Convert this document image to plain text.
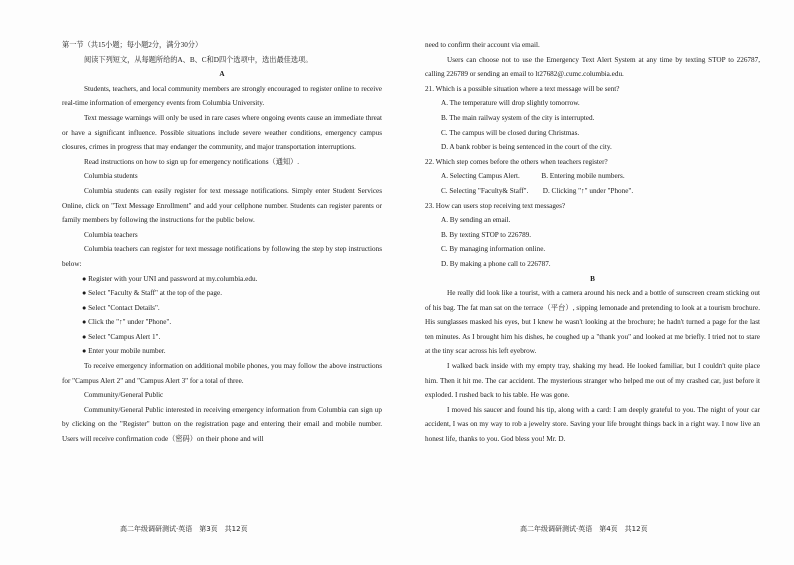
第一节（共15小题；每小题2分，满分30分）

阅读下列短文，从每题所给的A、B、C和D四个选项中，选出最佳选项。

A

Students, teachers, and local community members are strongly encouraged to register online to receive real-time information of emergency events from Columbia University.

Text message warnings will only be used in rare cases where ongoing events cause an immediate threat or have a significant influence. Possible situations include severe weather conditions, emergency campus closures, crimes in progress that may endanger the community, and major transportation interruptions.

Read instructions on how to sign up for emergency notifications（通知）.

Columbia students

Columbia students can easily register for text message notifications. Simply enter Student Services Online, click on "Text Message Enrollment" and add your cellphone number. Students can register parents or family members by following the instructions for the public below.

Columbia teachers

Columbia teachers can register for text message notifications by following the step by step instructions below:

● Register with your UNI and password at my.columbia.edu.

● Select "Faculty & Staff" at the top of the page.

● Select "Contact Details".

● Click the "↑" under "Phone".

● Select "Campus Alert 1".

● Enter your mobile number.

To receive emergency information on additional mobile phones, you may follow the above instructions for "Campus Alert 2" and "Campus Alert 3" for a total of three.

Community/General Public

Community/General Public interested in receiving emergency information from Columbia can sign up by clicking on the "Register" button on the registration page and entering their email and mobile number. Users will receive confirmation code（密码）on their phone and will

need to confirm their account via email.

Users can choose not to use the Emergency Text Alert System at any time by texting STOP to 226787, calling 226789 or sending an email to lt27682@.cumc.columbia.edu.

21. Which is a possible situation where a text message will be sent?

A. The temperature will drop slightly tomorrow.

B. The main railway system of the city is interrupted.

C. The campus will be closed during Christmas.

D. A bank robber is being sentenced in the court of the city.

22. Which step comes before the others when teachers register?

A. Selecting Campus Alert.　　　B. Entering mobile numbers.

C. Selecting "Faculty& Staff".　　D. Clicking "↑" under "Phone".

23. How can users stop receiving text messages?

A. By sending an email.

B. By texting STOP to 226789.

C. By managing information online.

D. By making a phone call to 226787.

B

He really did look like a tourist, with a camera around his neck and a bottle of sunscreen cream sticking out of his bag. The fat man sat on the terrace（平台）, sipping lemonade and pretending to look at a tourism brochure. His sunglasses masked his eyes, but I knew he wasn't looking at the brochure; he hadn't turned a page for the last ten minutes. As I brought him his dishes, he coughed up a "thank you" and looked at me briefly. I tried not to stare at the tiny scar across his left eyebrow.

I walked back inside with my empty tray, shaking my head. He looked familiar, but I couldn't quite place him. Then it hit me. The car accident. The mysterious stranger who helped me out of my crashed car, just before it exploded. I rushed back to his table. He was gone.

I moved his saucer and found his tip, along with a card: I am deeply grateful to you. The night of your car accident, I was on my way to rob a jewelry store. Saving your life brought things back in a right way. I now live an honest life, thanks to you. God bless you! Mr. D.

高二年级调研测试·英语　第3页　共12页	高二年级调研测试·英语　第4页　共12页
